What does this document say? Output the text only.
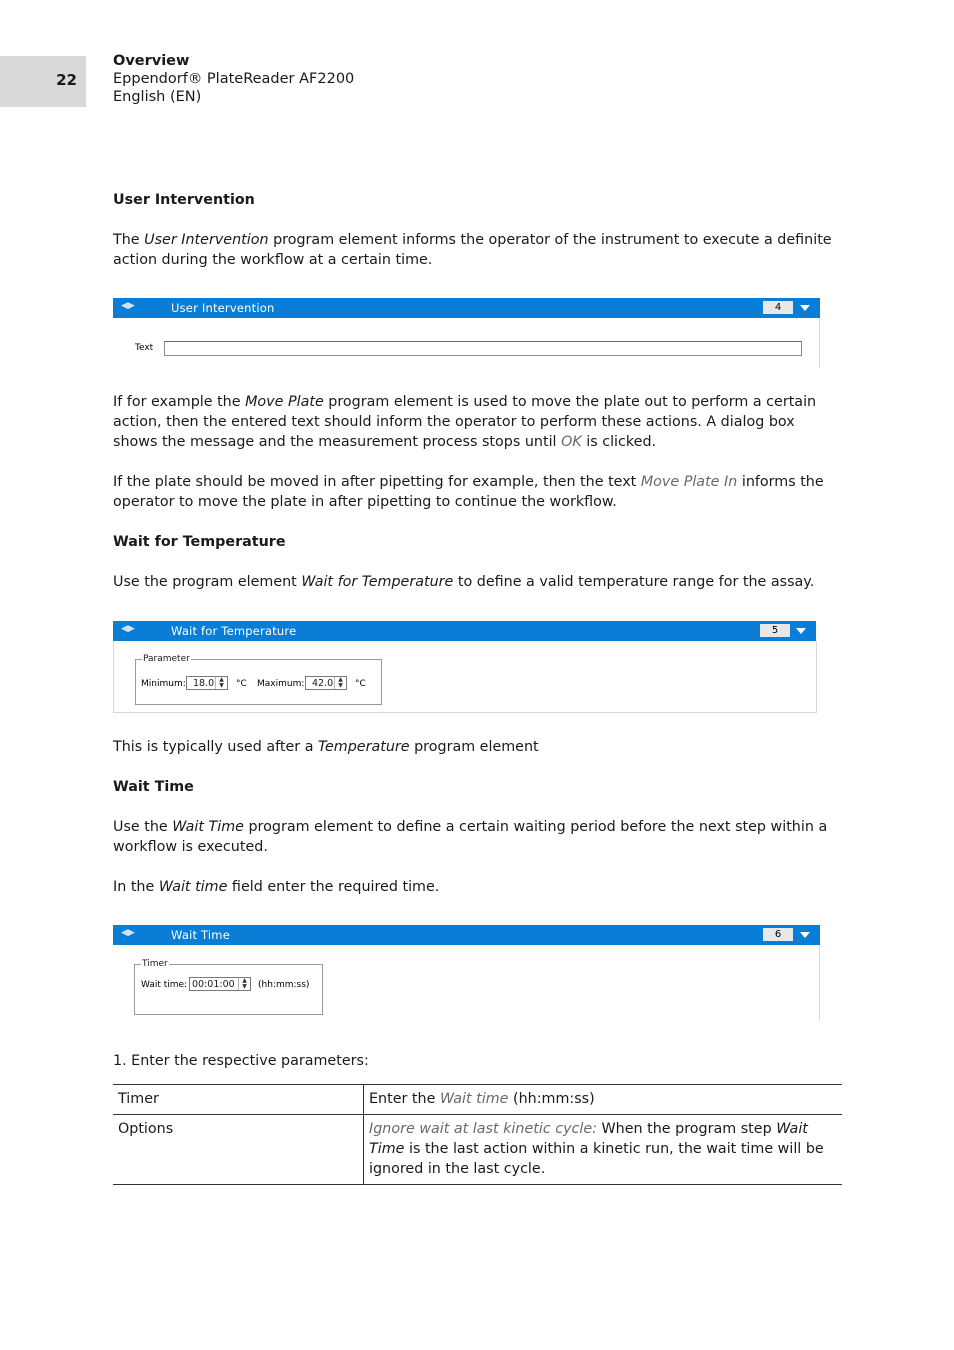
22
Overview
Eppendorf® PlateReader AF2200
English (EN)
User Intervention
The User Intervention program element informs the operator of the instrument to execute a definite action during the workflow at a certain time.
◀▶	User Intervention	4
Text
If for example the Move Plate program element is used to move the plate out to perform a certain action, then the entered text should inform the operator to perform these actions. A dialog box shows the message and the measurement process stops until OK is clicked.
If the plate should be moved in after pipetting for example, then the text Move Plate In informs the operator to move the plate in after pipetting to continue the workflow.
Wait for Temperature
Use the program element Wait for Temperature to define a valid temperature range for the assay.
◀▶	Wait for Temperature	5
Parameter
Minimum: 18.0 ▲
▼	°C Maximum: 42.0 ▲
▼	°C
This is typically used after a Temperature program element
Wait Time
Use the Wait Time program element to define a certain waiting period before the next step within a workflow is executed.
In the Wait time field enter the required time.
◀▶	Wait Time	6
Timer
Wait time: 00:01:00	▲
▼	(hh:mm:ss)
1. Enter the respective parameters:
Timer	Enter the Wait time (hh:mm:ss)
Options	Ignore wait at last kinetic cycle: When the program step Wait Time is the last action within a kinetic run, the wait time will be ignored in the last cycle.
